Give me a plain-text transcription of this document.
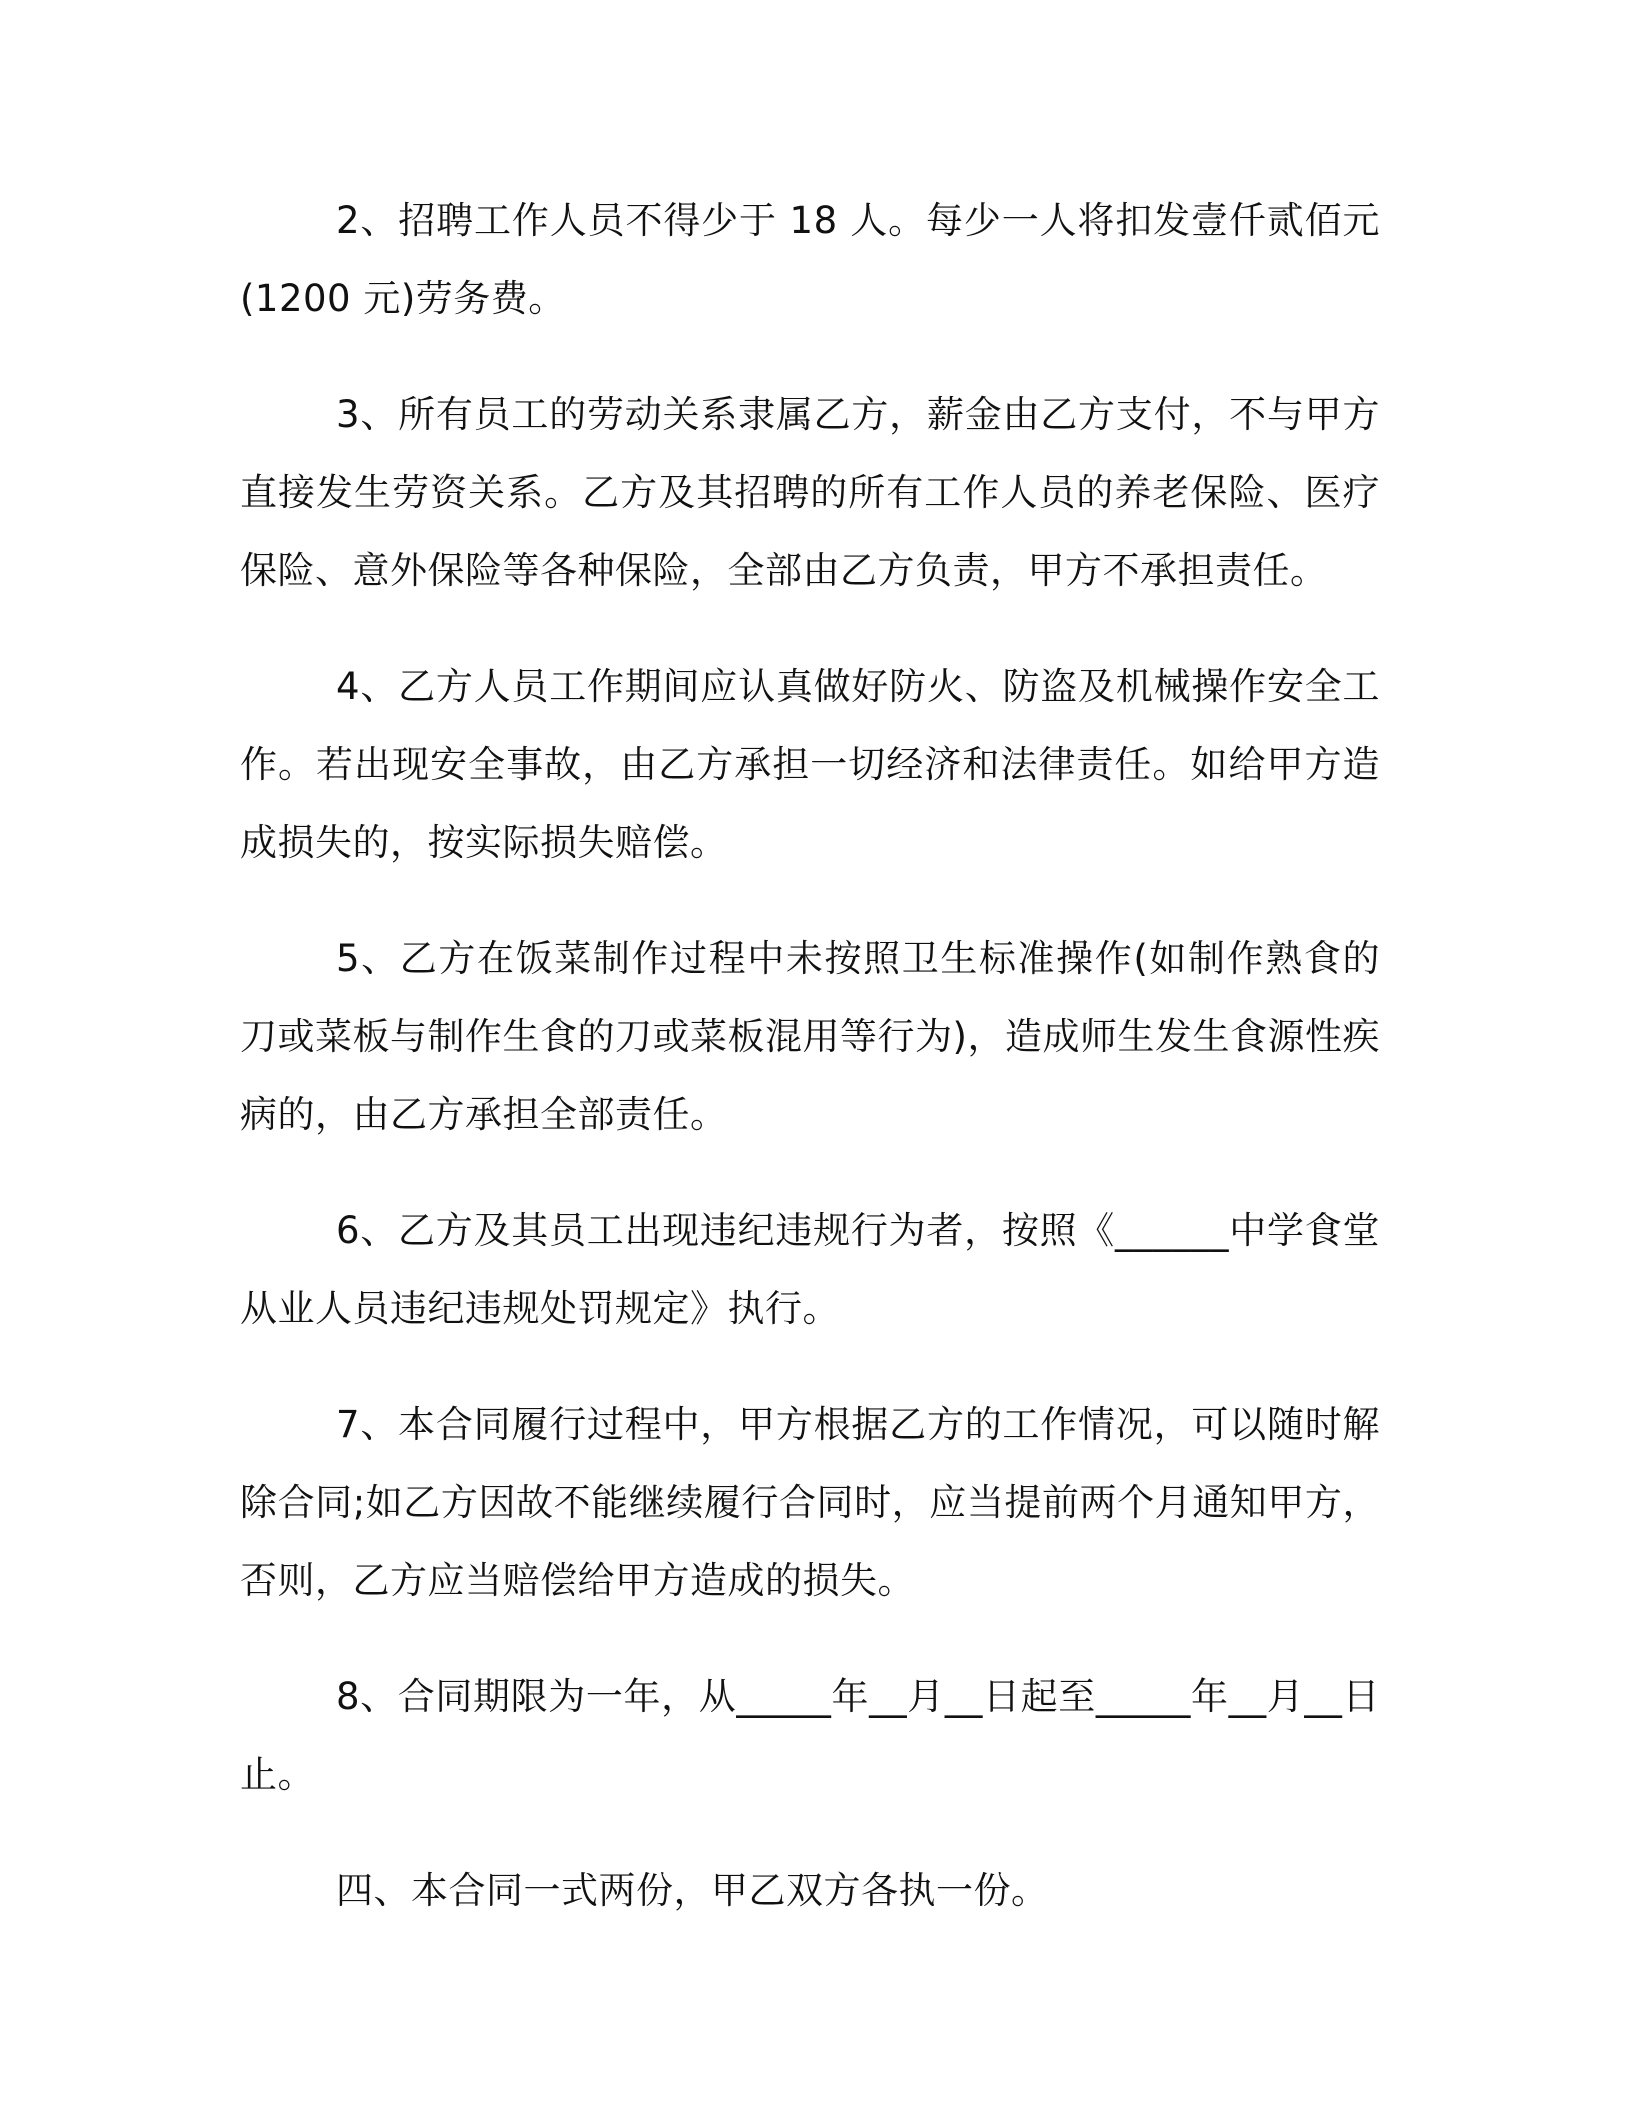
2、招聘工作人员不得少于 18 人。每少一人将扣发壹仟贰佰元(1200 元)劳务费。

3、所有员工的劳动关系隶属乙方，薪金由乙方支付，不与甲方直接发生劳资关系。乙方及其招聘的所有工作人员的养老保险、医疗保险、意外保险等各种保险，全部由乙方负责，甲方不承担责任。

4、乙方人员工作期间应认真做好防火、防盗及机械操作安全工作。若出现安全事故，由乙方承担一切经济和法律责任。如给甲方造成损失的，按实际损失赔偿。

5、乙方在饭菜制作过程中未按照卫生标准操作(如制作熟食的刀或菜板与制作生食的刀或菜板混用等行为)，造成师生发生食源性疾病的，由乙方承担全部责任。

6、乙方及其员工出现违纪违规行为者，按照《______中学食堂从业人员违纪违规处罚规定》执行。

7、本合同履行过程中，甲方根据乙方的工作情况，可以随时解除合同;如乙方因故不能继续履行合同时，应当提前两个月通知甲方，否则，乙方应当赔偿给甲方造成的损失。

8、合同期限为一年，从_____年__月__日起至_____年__月__日止。

四、本合同一式两份，甲乙双方各执一份。
